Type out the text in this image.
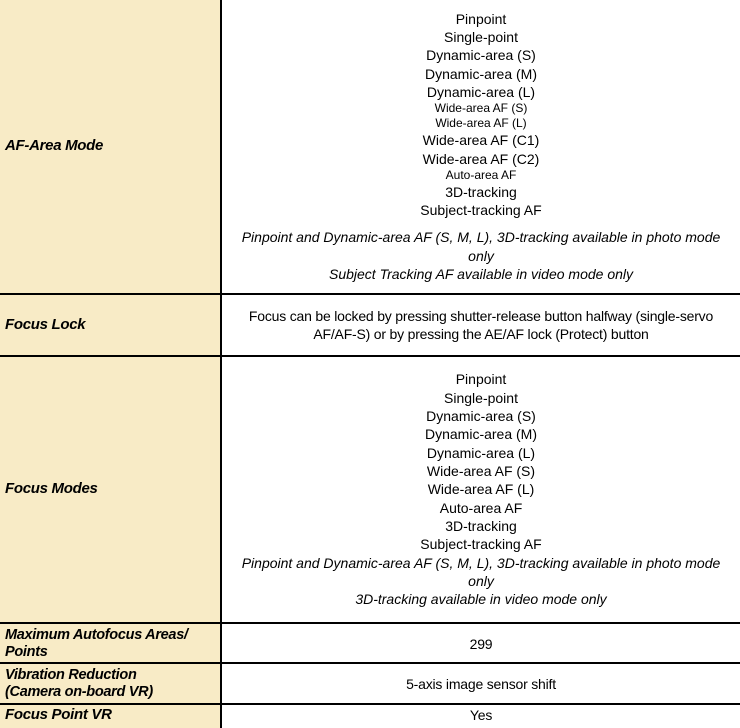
AF-Area Mode
Pinpoint
Single-point
Dynamic-area (S)
Dynamic-area (M)
Dynamic-area (L)
Wide-area AF (S)
Wide-area AF (L)
Wide-area AF (C1)
Wide-area AF (C2)
Auto-area AF
3D-tracking
Subject-tracking AF
Pinpoint and Dynamic-area AF (S, M, L), 3D-tracking available in photo mode only
Subject Tracking AF available in video mode only
Focus Lock
Focus can be locked by pressing shutter-release button halfway (single-servo AF/AF-S) or by pressing the AE/AF lock (Protect) button
Focus Modes
Pinpoint
Single-point
Dynamic-area (S)
Dynamic-area (M)
Dynamic-area (L)
Wide-area AF (S)
Wide-area AF (L)
Auto-area AF
3D-tracking
Subject-tracking AF
Pinpoint and Dynamic-area AF (S, M, L), 3D-tracking available in photo mode only
3D-tracking available in video mode only
Maximum Autofocus Areas/
Points
299
Vibration Reduction
(Camera on-board VR)
5-axis image sensor shift
Focus Point VR	Yes
